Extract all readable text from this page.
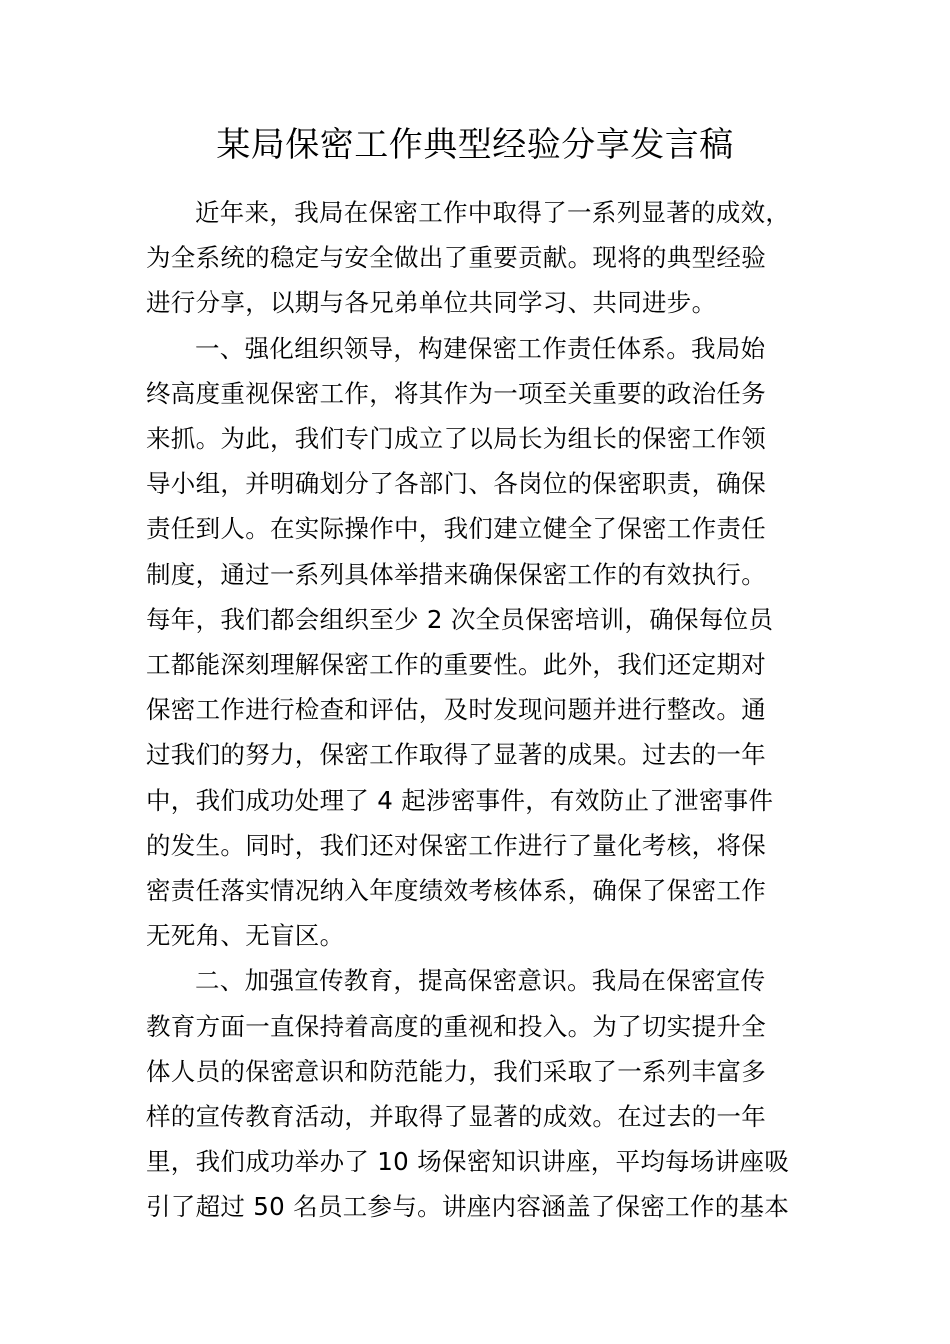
某局保密工作典型经验分享发言稿

近年来，我局在保密工作中取得了一系列显著的成效，
为全系统的稳定与安全做出了重要贡献。现将的典型经验
进行分享，以期与各兄弟单位共同学习、共同进步。

一、强化组织领导，构建保密工作责任体系。我局始
终高度重视保密工作，将其作为一项至关重要的政治任务
来抓。为此，我们专门成立了以局长为组长的保密工作领
导小组，并明确划分了各部门、各岗位的保密职责，确保
责任到人。在实际操作中，我们建立健全了保密工作责任
制度，通过一系列具体举措来确保保密工作的有效执行。
每年，我们都会组织至少 2 次全员保密培训，确保每位员
工都能深刻理解保密工作的重要性。此外，我们还定期对
保密工作进行检查和评估，及时发现问题并进行整改。通
过我们的努力，保密工作取得了显著的成果。过去的一年
中，我们成功处理了 4 起涉密事件，有效防止了泄密事件
的发生。同时，我们还对保密工作进行了量化考核，将保
密责任落实情况纳入年度绩效考核体系，确保了保密工作
无死角、无盲区。

二、加强宣传教育，提高保密意识。我局在保密宣传
教育方面一直保持着高度的重视和投入。为了切实提升全
体人员的保密意识和防范能力，我们采取了一系列丰富多
样的宣传教育活动，并取得了显著的成效。在过去的一年
里，我们成功举办了 10 场保密知识讲座，平均每场讲座吸
引了超过 50 名员工参与。讲座内容涵盖了保密工作的基本
